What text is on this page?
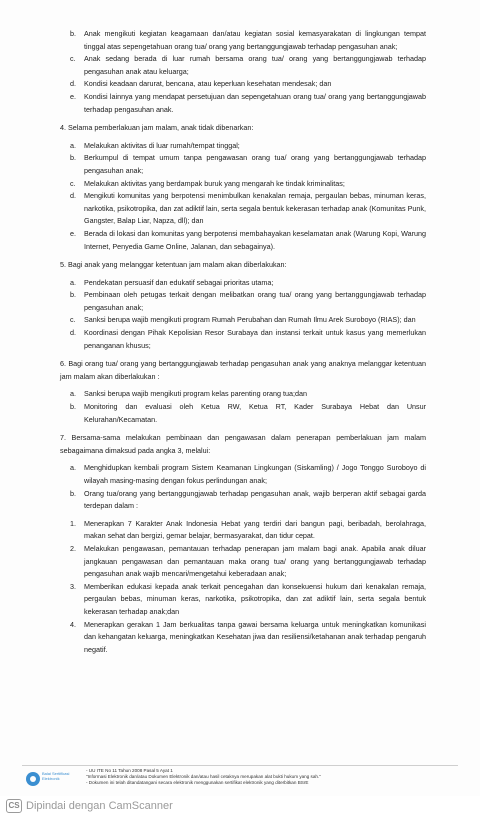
b.	Anak mengikuti kegiatan keagamaan dan/atau kegiatan sosial kemasyarakatan di lingkungan tempat tinggal atas sepengetahuan orang tua/ orang yang bertanggungjawab terhadap pengasuhan anak;
c.	Anak sedang berada di luar rumah bersama orang tua/ orang yang bertanggungjawab terhadap pengasuhan anak atau keluarga;
d.	Kondisi keadaan darurat, bencana, atau keperluan kesehatan mendesak; dan
e.	Kondisi lainnya yang mendapat persetujuan dan sepengetahuan orang tua/ orang yang bertanggungjawab terhadap pengasuhan anak.

4. Selama pemberlakuan jam malam, anak tidak dibenarkan:

a.	Melakukan aktivitas di luar rumah/tempat tinggal;
b.	Berkumpul di tempat umum tanpa pengawasan orang tua/ orang yang bertanggungjawab terhadap pengasuhan anak;
c.	Melakukan aktivitas yang berdampak buruk yang mengarah ke tindak kriminalitas;
d.	Mengikuti komunitas yang berpotensi menimbulkan kenakalan remaja, pergaulan bebas, minuman keras, narkotika, psikotropika, dan zat adiktif lain, serta segala bentuk kekerasan terhadap anak (Komunitas Punk, Gangster, Balap Liar, Napza, dll); dan
e.	Berada di lokasi dan komunitas yang berpotensi membahayakan keselamatan anak (Warung Kopi, Warung Internet, Penyedia Game Online, Jalanan, dan sebagainya).

5. Bagi anak yang melanggar ketentuan jam malam akan diberlakukan:

a.	Pendekatan persuasif dan edukatif sebagai prioritas utama;
b.	Pembinaan oleh petugas terkait dengan melibatkan orang tua/ orang yang bertanggungjawab terhadap pengasuhan anak;
c.	Sanksi berupa wajib mengikuti program Rumah Perubahan dan Rumah Ilmu Arek Suroboyo (RIAS); dan
d.	Koordinasi dengan Pihak Kepolisian Resor Surabaya dan instansi terkait untuk kasus yang memerlukan penanganan khusus;

6. Bagi orang tua/ orang yang bertanggungjawab terhadap pengasuhan anak yang anaknya melanggar ketentuan jam malam akan diberlakukan :

a.	Sanksi berupa wajib mengikuti program kelas parenting orang tua;dan
b.	Monitoring dan evaluasi oleh Ketua RW, Ketua RT, Kader Surabaya Hebat dan Unsur Kelurahan/Kecamatan.

7. Bersama-sama melakukan pembinaan dan pengawasan dalam penerapan pemberlakuan jam malam sebagaimana dimaksud pada angka 3, melalui:

a.	Menghidupkan kembali program Sistem Keamanan Lingkungan (Siskamling) / Jogo Tonggo Suroboyo di wilayah masing-masing dengan fokus perlindungan anak;
b.	Orang tua/orang yang bertanggungjawab terhadap pengasuhan anak, wajib berperan aktif sebagai garda terdepan dalam :
1.	Menerapkan 7 Karakter Anak Indonesia Hebat yang terdiri dari bangun pagi, beribadah, berolahraga, makan sehat dan bergizi, gemar belajar, bermasyarakat, dan tidur cepat.
2.	Melakukan pengawasan, pemantauan terhadap penerapan jam malam bagi anak. Apabila anak diluar jangkauan pengawasan dan pemantauan maka orang tua/ orang yang bertanggungjawab terhadap pengasuhan anak wajib mencari/mengetahui keberadaan anak;
3.	Memberikan edukasi kepada anak terkait pencegahan dan konsekuensi hukum dari kenakalan remaja, pergaulan bebas, minuman keras, narkotika, psikotropika, dan zat adiktif lain, serta segala bentuk kekerasan terhadap anak;dan
4.	Menerapkan gerakan 1 Jam berkualitas tanpa gawai bersama keluarga untuk meningkatkan komunikasi dan kehangatan keluarga, meningkatkan Kesehatan jiwa dan resiliensi/ketahanan anak terhadap pengaruh negatif.
Balai Sertifikasi Elektronik
- UU ITE No 11 Tahun 2008 Pasal 5 Ayat 1
"Informasi Elektronik dan/atau Dokumen Elektronik dan/atau hasil cetaknya merupakan alat bukti hukum yang sah."
- Dokumen ini telah ditandatangani secara elektronik menggunakan sertifikat elektronik yang diterbitkan BSrE
CS Dipindai dengan CamScanner
